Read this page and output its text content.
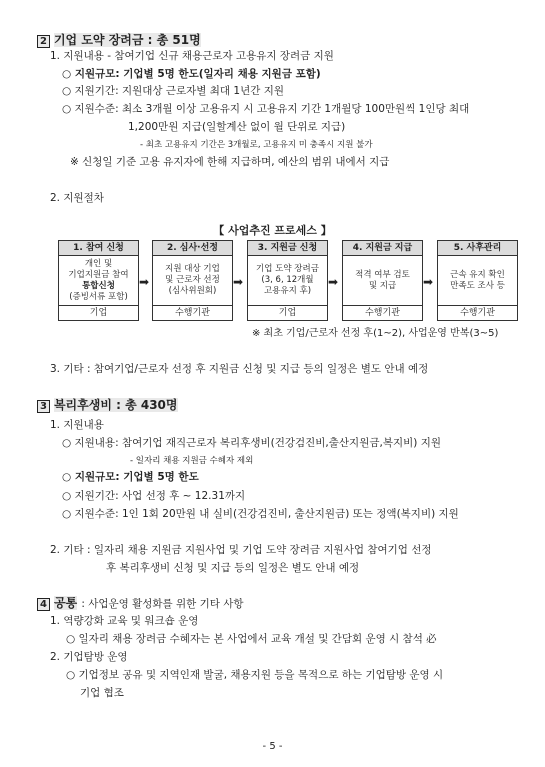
2 기업 도약 장려금 : 총 51명
1. 지원내용 - 참여기업 신규 채용근로자 고용유지 장려금 지원
○ 지원규모: 기업별 5명 한도(일자리 채용 지원금 포함)
○ 지원기간: 지원대상 근로자별 최대 1년간 지원
○ 지원수준: 최소 3개월 이상 고용유지 시 고용유지 기간 1개월당 100만원씩 1인당 최대
1,200만원 지급(일할계산 없이 월 단위로 지급)
- 최초 고용유지 기간은 3개월로, 고용유지 미 충족시 지원 불가
※ 신청일 기준 고용 유지자에 한해 지급하며, 예산의 범위 내에서 지급
2. 지원절차
【 사업추진 프로세스 】
1. 참여 신청
개인 및
기업지원금 참여
통합신청
(증빙서류 포함)
기업
➡
2. 심사·선정
지원 대상 기업
및 근로자 선정
(심사위원회)
수행기관
➡
3. 지원금 신청
기업 도약 장려금
(3, 6, 12개월
고용유지 후)
기업
➡
4. 지원금 지급
적격 여부 검토
및 지급
수행기관
➡
5. 사후관리
근속 유지 확인
만족도 조사 등
수행기관
※ 최초 기업/근로자 선정 후(1~2), 사업운영 반복(3~5)
3. 기타 : 참여기업/근로자 선정 후 지원금 신청 및 지급 등의 일정은 별도 안내 예정
3 복리후생비 : 총 430명
1. 지원내용
○ 지원내용: 참여기업 재직근로자 복리후생비(건강검진비,출산지원금,복지비) 지원
- 일자리 채용 지원금 수혜자 제외
○ 지원규모: 기업별 5명 한도
○ 지원기간: 사업 선정 후 ~ 12.31까지
○ 지원수준: 1인 1회 20만원 내 실비(건강검진비, 출산지원금) 또는 정액(복지비) 지원
2. 기타 : 일자리 채용 지원금 지원사업 및 기업 도약 장려금 지원사업 참여기업 선정
후 복리후생비 신청 및 지급 등의 일정은 별도 안내 예정
4 공통 : 사업운영 활성화를 위한 기타 사항
1. 역량강화 교육 및 워크숍 운영
○ 일자리 채용 장려금 수혜자는 본 사업에서 교육 개설 및 간담회 운영 시 참석 必
2. 기업탐방 운영
○ 기업정보 공유 및 지역인재 발굴, 채용지원 등을 목적으로 하는 기업탐방 운영 시
기업 협조
- 5 -
